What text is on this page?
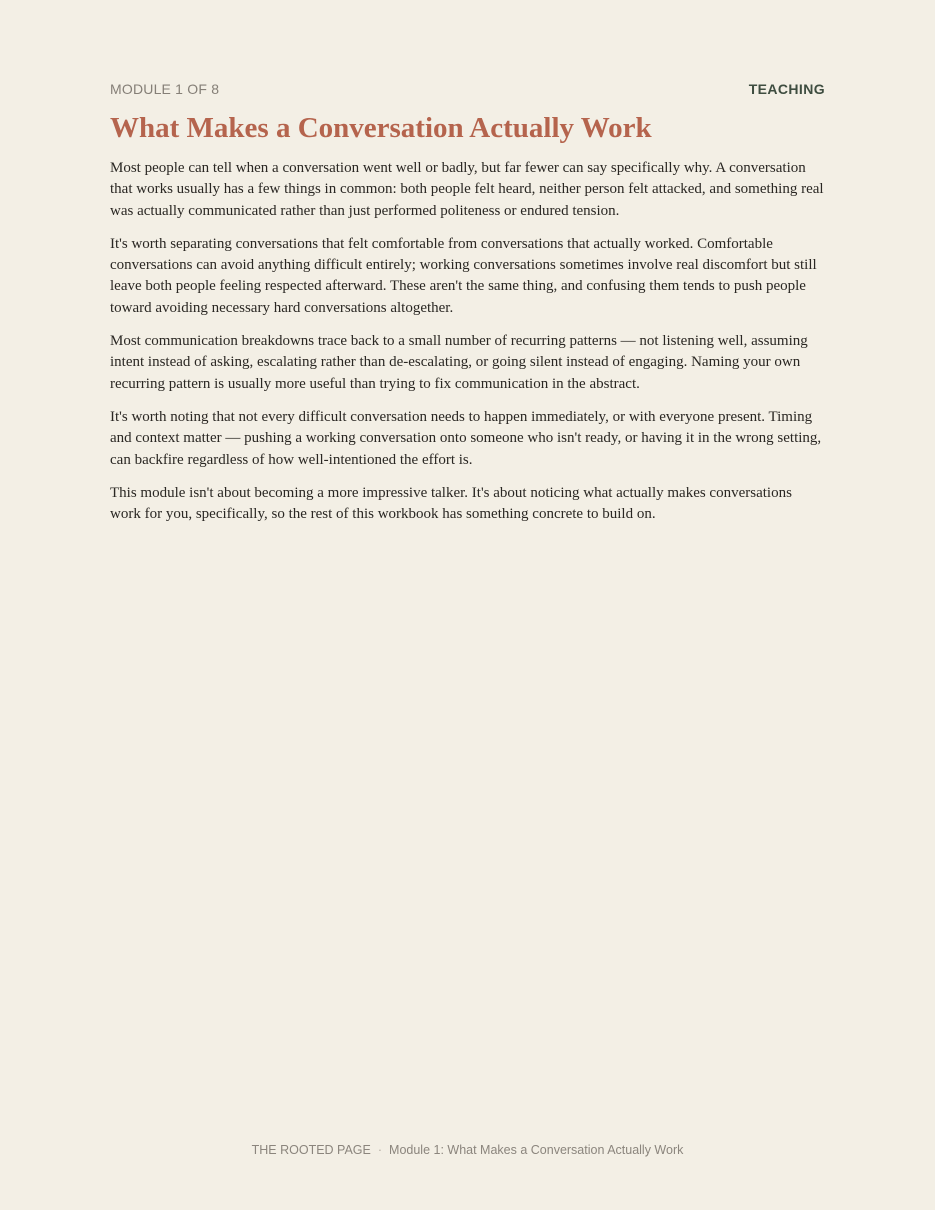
MODULE 1 OF 8	TEACHING
What Makes a Conversation Actually Work

Most people can tell when a conversation went well or badly, but far fewer can say specifically why. A conversation that works usually has a few things in common: both people felt heard, neither person felt attacked, and something real was actually communicated rather than just performed politeness or endured tension.

It's worth separating conversations that felt comfortable from conversations that actually worked. Comfortable conversations can avoid anything difficult entirely; working conversations sometimes involve real discomfort but still leave both people feeling respected afterward. These aren't the same thing, and confusing them tends to push people toward avoiding necessary hard conversations altogether.

Most communication breakdowns trace back to a small number of recurring patterns — not listening well, assuming intent instead of asking, escalating rather than de-escalating, or going silent instead of engaging. Naming your own recurring pattern is usually more useful than trying to fix communication in the abstract.

It's worth noting that not every difficult conversation needs to happen immediately, or with everyone present. Timing and context matter — pushing a working conversation onto someone who isn't ready, or having it in the wrong setting, can backfire regardless of how well-intentioned the effort is.

This module isn't about becoming a more impressive talker. It's about noticing what actually makes conversations work for you, specifically, so the rest of this workbook has something concrete to build on.

THE ROOTED PAGE · Module 1: What Makes a Conversation Actually Work
